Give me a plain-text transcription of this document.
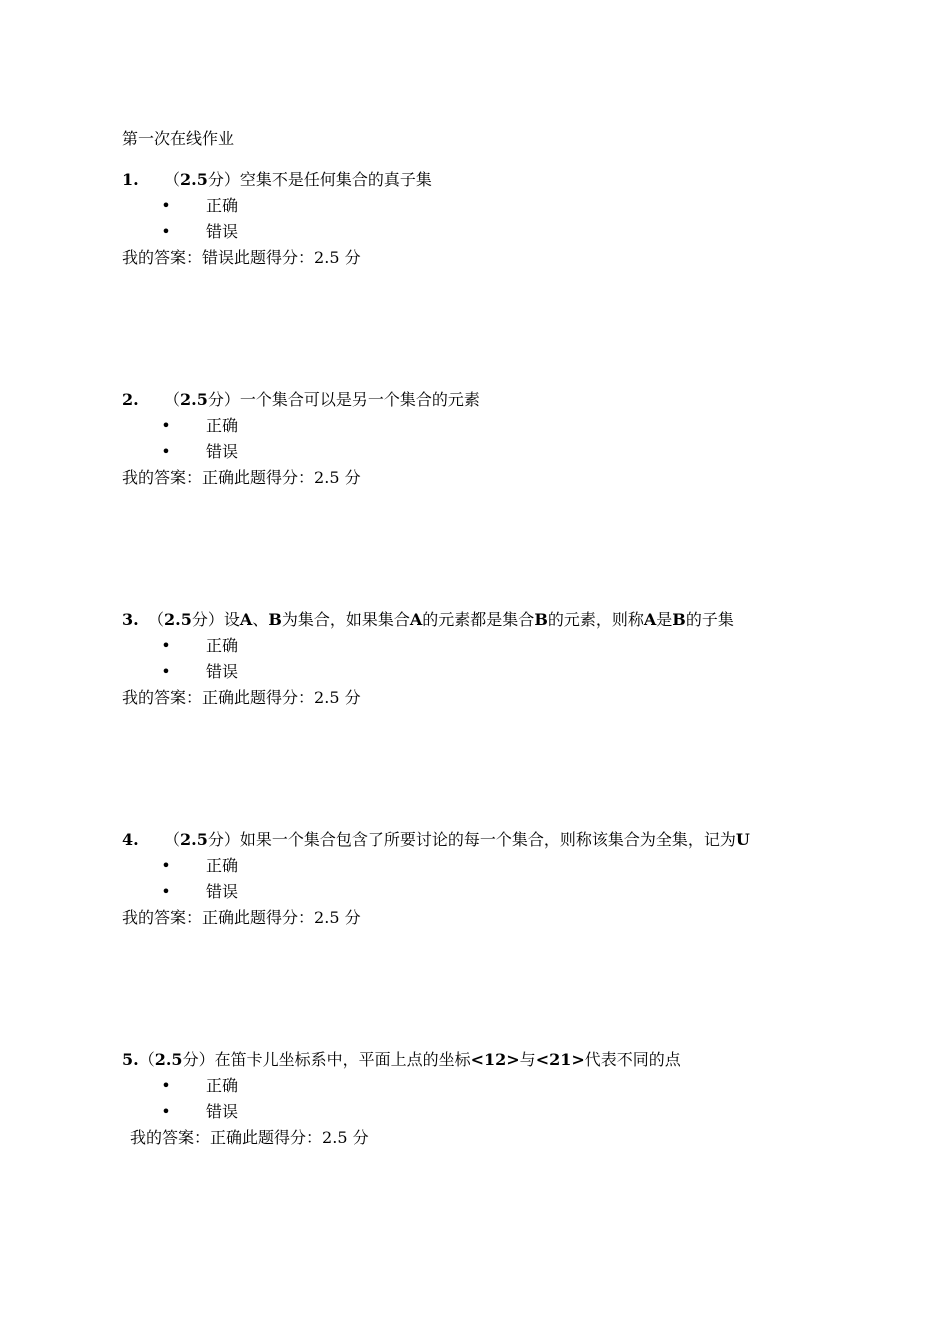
第一次在线作业
1. （2.5分）空集不是任何集合的真子集
• 正确
• 错误
我的答案：错误此题得分：2.5 分
2. （2.5分）一个集合可以是另一个集合的元素
• 正确
• 错误
我的答案：正确此题得分：2.5 分
3. （2.5分）设A、B为集合，如果集合A的元素都是集合B的元素，则称A是B的子集
• 正确
• 错误
我的答案：正确此题得分：2.5 分
4. （2.5分）如果一个集合包含了所要讨论的每一个集合，则称该集合为全集，记为U
• 正确
• 错误
我的答案：正确此题得分：2.5 分
5.（2.5分）在笛卡儿坐标系中，平面上点的坐标<12>与<21>代表不同的点
• 正确
• 错误
我的答案：正确此题得分：2.5 分
